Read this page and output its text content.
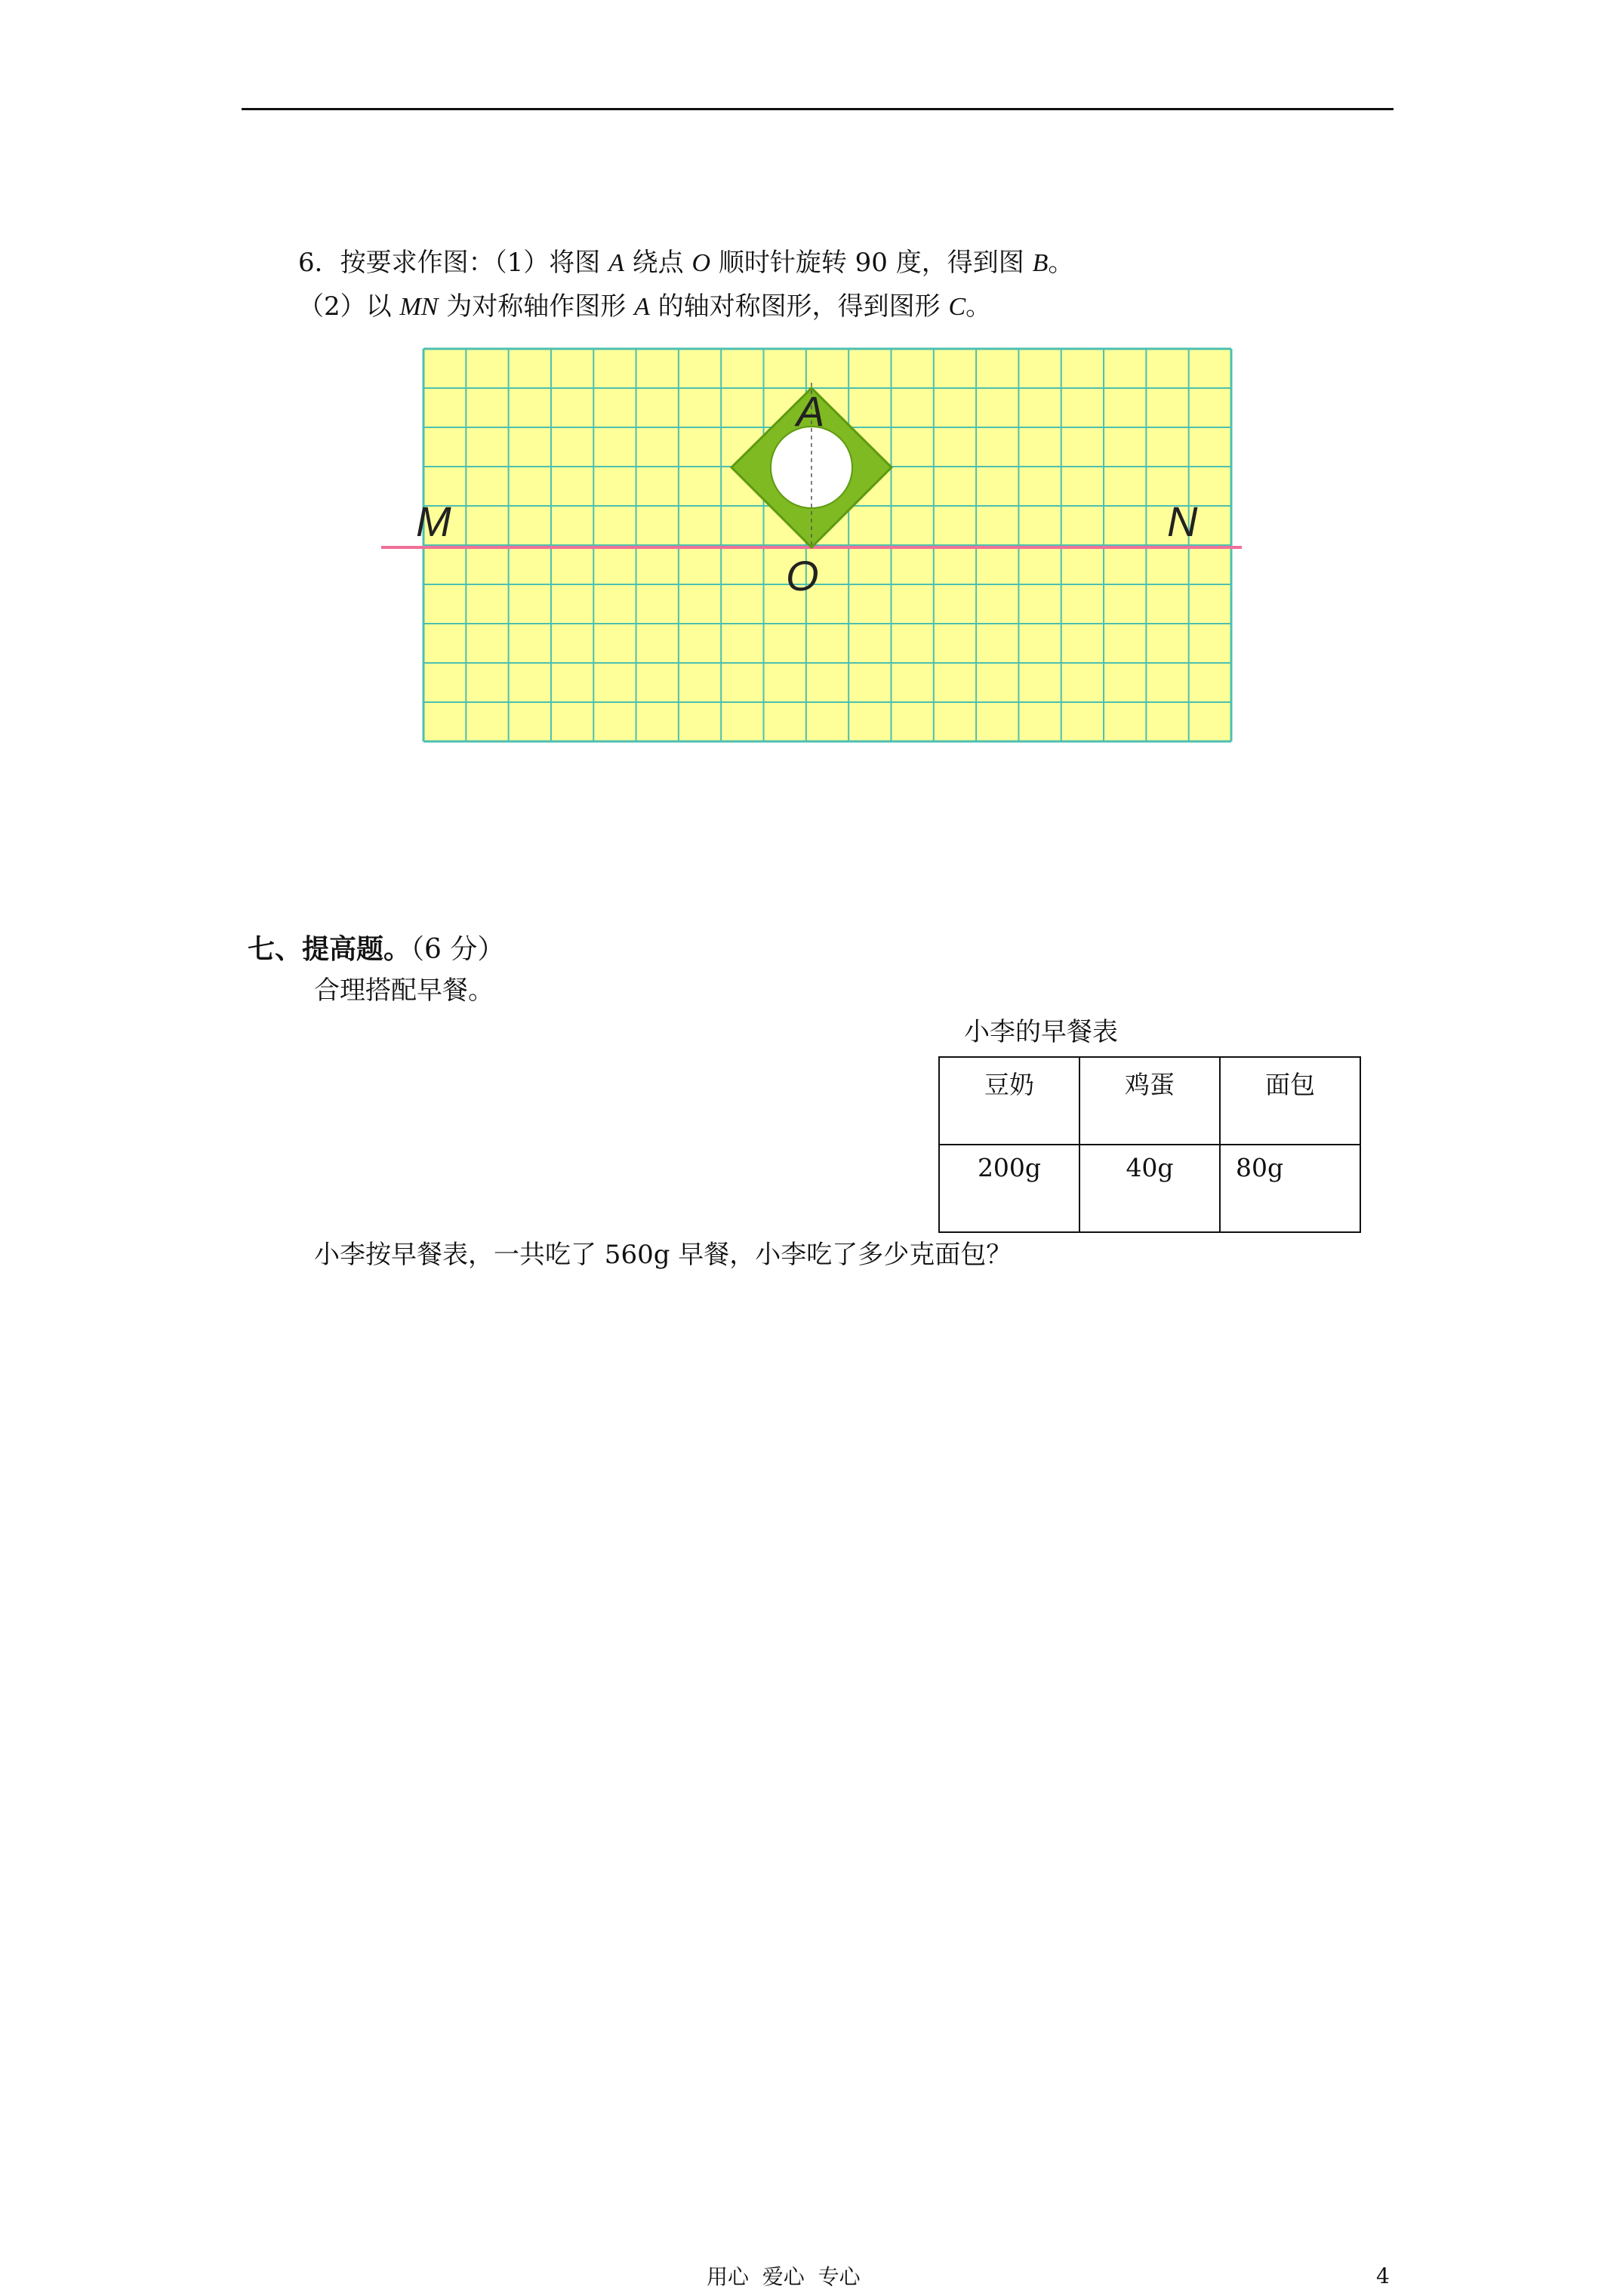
6．按要求作图：（1）将图 A 绕点 O 顺时针旋转 90 度，得到图 B。
（2）以 MN 为对称轴作图形 A 的轴对称图形，得到图形 C。
A
O
M	N
七、提高题。（6 分）
合理搭配早餐。
小李的早餐表
豆奶	鸡蛋	面包

200g	40g	80g
小李按早餐表，一共吃了 560g 早餐，小李吃了多少克面包？
用心  爱心  专心	4
